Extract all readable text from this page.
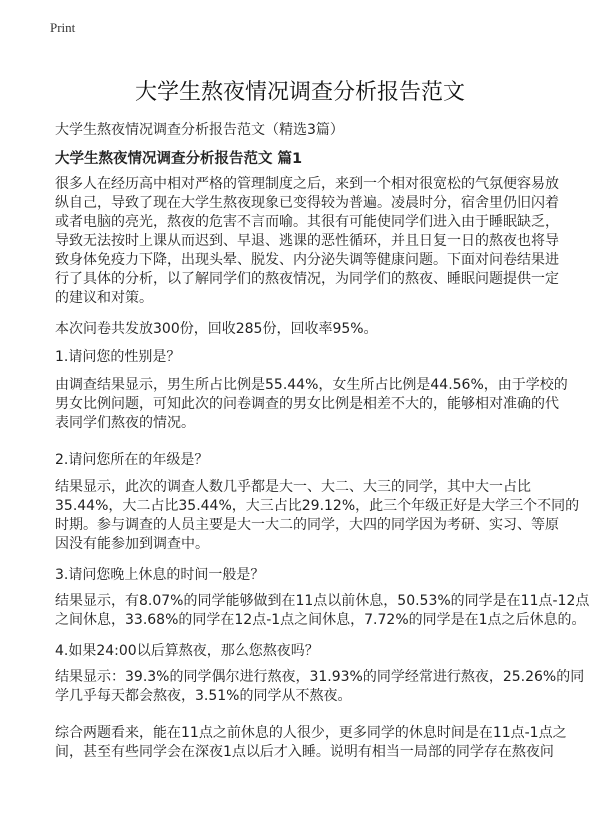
Print
大学生熬夜情况调查分析报告范文
大学生熬夜情况调查分析报告范文（精选3篇）
大学生熬夜情况调查分析报告范文 篇1
很多人在经历高中相对严格的管理制度之后，来到一个相对很宽松的气氛便容易放
纵自己，导致了现在大学生熬夜现象已变得较为普遍。凌晨时分，宿舍里仍旧闪着
或者电脑的亮光，熬夜的危害不言而喻。其很有可能使同学们进入由于睡眠缺乏，
导致无法按时上课从而迟到、早退、逃课的恶性循环，并且日复一日的熬夜也将导
致身体免疫力下降，出现头晕、脱发、内分泌失调等健康问题。下面对问卷结果进
行了具体的分析，以了解同学们的熬夜情况，为同学们的熬夜、睡眠问题提供一定
的建议和对策。
本次问卷共发放300份，回收285份，回收率95%。
1.请问您的性别是？
由调查结果显示，男生所占比例是55.44%，女生所占比例是44.56%，由于学校的
男女比例问题，可知此次的问卷调查的男女比例是相差不大的，能够相对准确的代
表同学们熬夜的情况。
2.请问您所在的年级是？
结果显示，此次的调查人数几乎都是大一、大二、大三的同学，其中大一占比
35.44%，大二占比35.44%，大三占比29.12%，此三个年级正好是大学三个不同的
时期。参与调查的人员主要是大一大二的同学，大四的同学因为考研、实习、等原
因没有能参加到调查中。
3.请问您晚上休息的时间一般是？
结果显示，有8.07%的同学能够做到在11点以前休息，50.53%的同学是在11点-12点
之间休息，33.68%的同学在12点-1点之间休息，7.72%的同学是在1点之后休息的。
4.如果24:00以后算熬夜，那么您熬夜吗？
结果显示：39.3%的同学偶尔进行熬夜，31.93%的同学经常进行熬夜，25.26%的同
学几乎每天都会熬夜，3.51%的同学从不熬夜。
综合两题看来，能在11点之前休息的人很少，更多同学的休息时间是在11点-1点之
间，甚至有些同学会在深夜1点以后才入睡。说明有相当一局部的同学存在熬夜问
